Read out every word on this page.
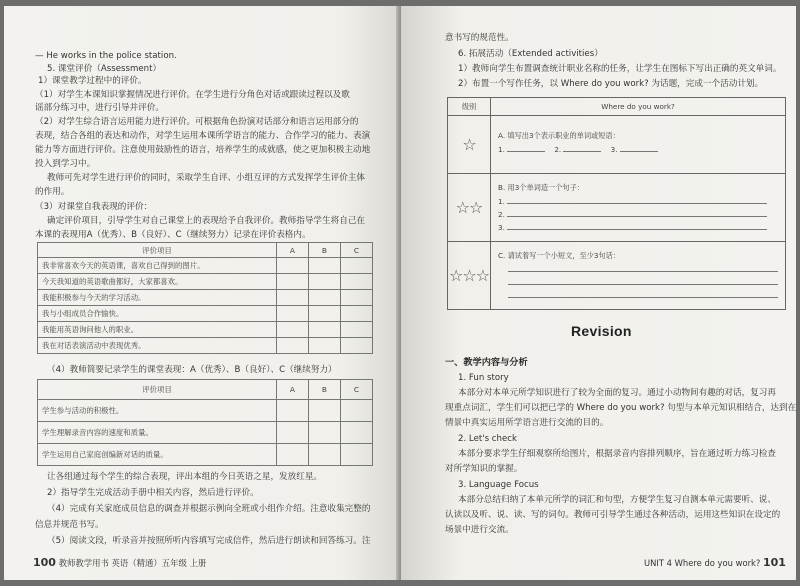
— He works in the police station.
5. 课堂评价（Assessment）
1）课堂教学过程中的评价。
（1）对学生本课知识掌握情况进行评价。在学生进行分角色对话或跟读过程以及歌
谣部分练习中，进行引导并评价。
（2）对学生综合语言运用能力进行评价。可根据角色扮演对话部分和语言运用部分的
表现，结合各组的表达和动作，对学生运用本课所学语言的能力、合作学习的能力、表演
能力等方面进行评价。注意使用鼓励性的语言，培养学生的成就感，使之更加积极主动地
投入到学习中。
教师可先对学生进行评价的同时，采取学生自评、小组互评的方式发挥学生评价主体
的作用。
（3）对课堂自我表现的评价：
确定评价项目，引导学生对自己课堂上的表现给予自我评价。教师指导学生将自己在
本课的表现用A（优秀）、B（良好）、C（继续努力）记录在评价表格内。
评价项目	A	B	C
我非常喜欢今天的英语课，喜欢自己得到的图片。			
今天我知道的英语歌曲都好，大家都喜欢。			
我能积极参与今天的学习活动。			
我与小组成员合作愉快。			
我能用英语询问他人的职业。			
我在对话表演活动中表现优秀。			
（4）教师简要记录学生的课堂表现：A（优秀）、B（良好）、C（继续努力）
评价项目	A	B	C
学生参与活动的积极性。			
学生理解录音内容的速度和质量。			
学生运用自己家庭创编新对话的质量。			
让各组通过每个学生的综合表现，评出本组的今日英语之星，发放红星。
2）指导学生完成活动手册中相关内容，然后进行评价。
（4）完成有关家庭成员信息的调查并根据示例向全班或小组作介绍。注意收集完整的
信息并规范书写。
（5）阅读文段，听录音并按照所听内容填写完成信件，然后进行朗读和回答练习。注
100 教师教学用书 英语（精通）五年级 上册
意书写的规范性。
6. 拓展活动（Extended activities）
1）教师向学生布置调查统计职业名称的任务，让学生在图标下写出正确的英文单词。
2）布置一个写作任务，以 Where do you work? 为话题，完成一个活动计划。
级别	Where do you work?
☆	A. 填写出3个表示职业的单词或短语：
1. 2. 3.

☆☆	B. 用3个单词造一个句子：
1.
2.
3.

☆☆☆	C. 请试着写一个小短文，至少3句话：
Revision
一、教学内容与分析
1. Fun story
本部分对本单元所学知识进行了较为全面的复习。通过小动物间有趣的对话，复习再
现重点词汇，学生们可以把已学的 Where do you work? 句型与本单元知识相结合，达到在
情景中真实运用所学语言进行交流的目的。
2. Let's check
本部分要求学生仔细观察所给图片，根据录音内容排列顺序，旨在通过听力练习检查
对所学知识的掌握。
3. Language Focus
本部分总结归纳了本单元所学的词汇和句型，方便学生复习自测本单元需要听、说、
认读以及听、说、读、写的词句。教师可引导学生通过各种活动，运用这些知识在设定的
场景中进行交流。
UNIT 4 Where do you work? 101
